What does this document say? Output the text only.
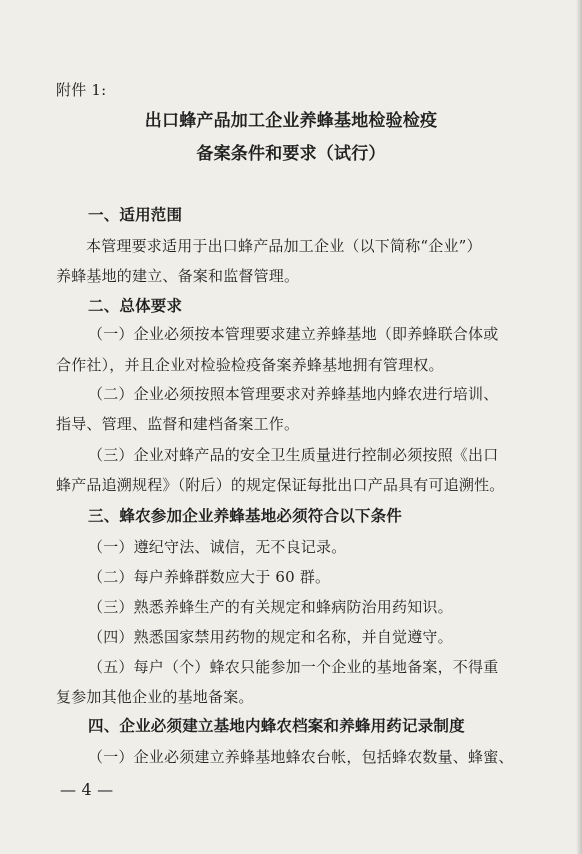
附件 1:
出口蜂产品加工企业养蜂基地检验检疫
备案条件和要求（试行）
一、适用范围
本管理要求适用于出口蜂产品加工企业（以下简称“企业”）
养蜂基地的建立、备案和监督管理。
二、总体要求
（一）企业必须按本管理要求建立养蜂基地（即养蜂联合体或
合作社），并且企业对检验检疫备案养蜂基地拥有管理权。
（二）企业必须按照本管理要求对养蜂基地内蜂农进行培训、
指导、管理、监督和建档备案工作。
（三）企业对蜂产品的安全卫生质量进行控制必须按照《出口
蜂产品追溯规程》（附后）的规定保证每批出口产品具有可追溯性。
三、蜂农参加企业养蜂基地必须符合以下条件
（一）遵纪守法、诚信，无不良记录。
（二）每户养蜂群数应大于 60 群。
（三）熟悉养蜂生产的有关规定和蜂病防治用药知识。
（四）熟悉国家禁用药物的规定和名称，并自觉遵守。
（五）每户（个）蜂农只能参加一个企业的基地备案，不得重
复参加其他企业的基地备案。
四、企业必须建立基地内蜂农档案和养蜂用药记录制度
（一）企业必须建立养蜂基地蜂农台帐，包括蜂农数量、蜂蜜、
— 4 —
